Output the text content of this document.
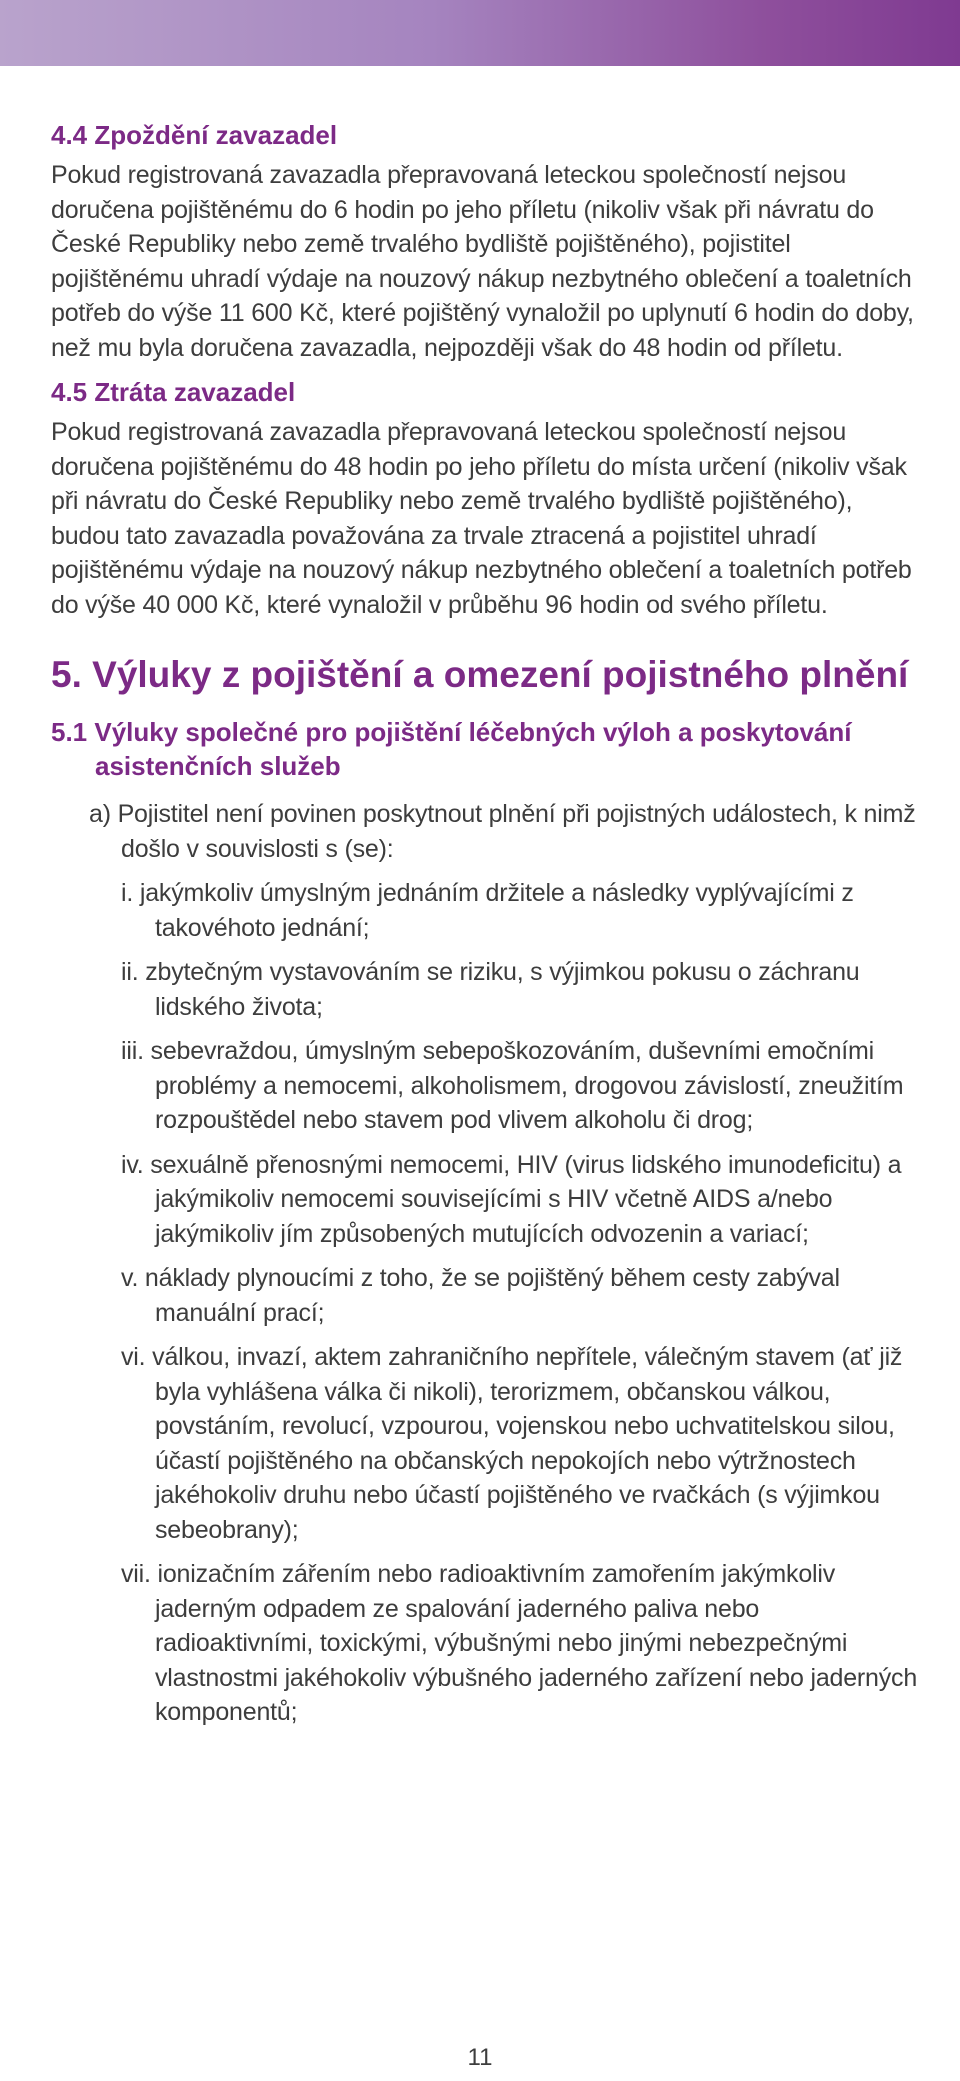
4.4 Zpoždění zavazadel

Pokud registrovaná zavazadla přepravovaná leteckou společností nejsou doručena pojištěnému do 6 hodin po jeho příletu (nikoliv však při návratu do České Republiky nebo země trvalého bydliště pojištěného), pojistitel pojištěnému uhradí výdaje na nouzový nákup nezbytného oblečení a toaletních potřeb do výše 11 600 Kč, které pojištěný vynaložil po uplynutí 6 hodin do doby, než mu byla doručena zavazadla, nejpozději však do 48 hodin od příletu.

4.5 Ztráta zavazadel

Pokud registrovaná zavazadla přepravovaná leteckou společností nejsou doručena pojištěnému do 48 hodin po jeho příletu do místa určení (nikoliv však při návratu do České Republiky nebo země trvalého bydliště pojištěného), budou tato zavazadla považována za trvale ztracená a pojistitel uhradí pojištěnému výdaje na nouzový nákup nezbytného oblečení a toaletních potřeb do výše 40 000 Kč, které vynaložil v průběhu 96 hodin od svého příletu.

5. Výluky z pojištění a omezení pojistného plnění
5.1 Výluky společné pro pojištění léčebných výloh a poskytování asistenčních služeb

a) Pojistitel není povinen poskytnout plnění při pojistných událostech, k nimž došlo v souvislosti s (se):

i. jakýmkoliv úmyslným jednáním držitele a následky vyplývajícími z takovéhoto jednání;
ii. zbytečným vystavováním se riziku, s výjimkou pokusu o záchranu lidského života;
iii. sebevraždou, úmyslným sebepoškozováním, duševními emočními problémy a nemocemi, alkoholismem, drogovou závislostí, zneužitím rozpouštědel nebo stavem pod vlivem alkoholu či drog;
iv. sexuálně přenosnými nemocemi, HIV (virus lidského imunodeficitu) a jakýmikoliv nemocemi souvisejícími s HIV včetně AIDS a/nebo jakýmikoliv jím způsobených mutujících odvozenin a variací;
v. náklady plynoucími z toho, že se pojištěný během cesty zabýval manuální prací;
vi. válkou, invazí, aktem zahraničního nepřítele, válečným stavem (ať již byla vyhlášena válka či nikoli), terorizmem, občanskou válkou, povstáním, revolucí, vzpourou, vojenskou nebo uchvatitelskou silou, účastí pojištěného na občanských nepokojích nebo výtržnostech jakéhokoliv druhu nebo účastí pojištěného ve rvačkách (s výjimkou sebeobrany);
vii. ionizačním zářením nebo radioaktivním zamořením jakýmkoliv jaderným odpadem ze spalování jaderného paliva nebo radioaktivními, toxickými, výbušnými nebo jinými nebezpečnými vlastnostmi jakéhokoliv výbušného jaderného zařízení nebo jaderných komponentů;
11
